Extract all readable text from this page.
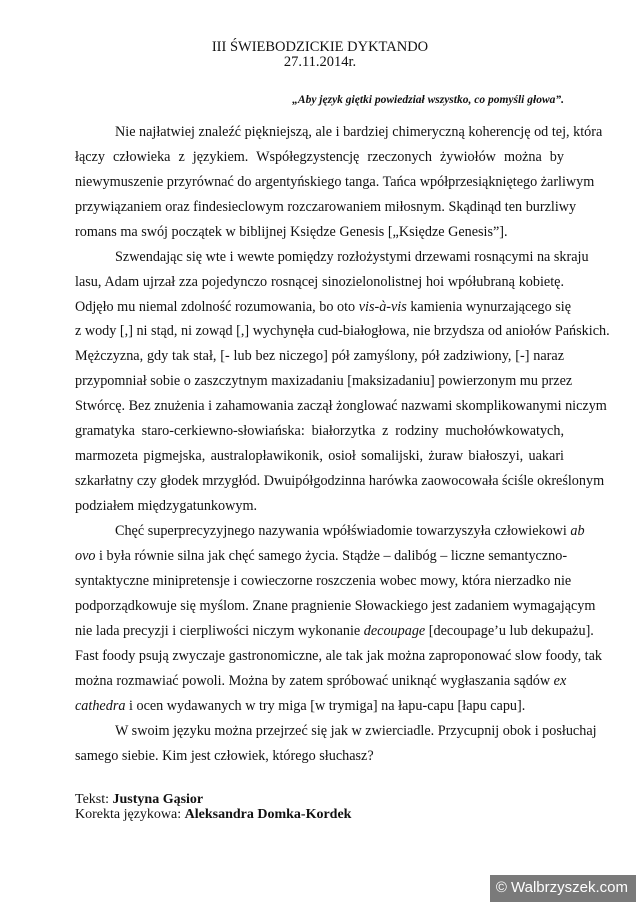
III ŚWIEBODZICKIE DYKTANDO
27.11.2014r.
„Aby język giętki powiedział wszystko, co pomyśli głowa”.
Nie najłatwiej znaleźć piękniejszą, ale i bardziej chimeryczną koherencję od tej, która
łączy człowieka z językiem. Współegzystencję rzeczonych żywiołów można by
niewymuszenie przyrównać do argentyńskiego tanga. Tańca wpółprzesiąkniętego żarliwym
przywiązaniem oraz findesieclowym rozczarowaniem miłosnym. Skądinąd ten burzliwy
romans ma swój początek w biblijnej Księdze Genesis [„Księdze Genesis”].
Szwendając się wte i wewte pomiędzy rozłożystymi drzewami rosnącymi na skraju
lasu, Adam ujrzał zza pojedynczo rosnącej sinozielonolistnej hoi wpółubraną kobietę.
Odjęło mu niemal zdolność rozumowania, bo oto vis-à-vis kamienia wynurzającego się
z wody [,] ni stąd, ni zowąd [,] wychynęła cud-białogłowa, nie brzydsza od aniołów Pańskich.
Mężczyzna, gdy tak stał, [- lub bez niczego] pół zamyślony, pół zadziwiony, [-] naraz
przypomniał sobie o zaszczytnym maxizadaniu [maksizadaniu] powierzonym mu przez
Stwórcę. Bez znużenia i zahamowania zaczął żonglować nazwami skomplikowanymi niczym
gramatyka staro-cerkiewno-słowiańska: białorzytka z rodziny muchołówkowatych,
marmozeta pigmejska, australopławikonik, osioł somalijski, żuraw białoszyi, uakari
szkarłatny czy głodek mrzygłód. Dwuipółgodzinna harówka zaowocowała ściśle określonym
podziałem międzygatunkowym.
Chęć superprecyzyjnego nazywania wpółświadomie towarzyszyła człowiekowi ab
ovo i była równie silna jak chęć samego życia. Stądże – dalibóg – liczne semantyczno-
syntaktyczne minipretensje i cowieczorne roszczenia wobec mowy, która nierzadko nie
podporządkowuje się myślom. Znane pragnienie Słowackiego jest zadaniem wymagającym
nie lada precyzji i cierpliwości niczym wykonanie decoupage [decoupage’u lub dekupażu].
Fast foody psują zwyczaje gastronomiczne, ale tak jak można zaproponować slow foody, tak
można rozmawiać powoli. Można by zatem spróbować uniknąć wygłaszania sądów ex
cathedra i ocen wydawanych w try miga [w trymiga] na łapu-capu [łapu capu].
W swoim języku można przejrzeć się jak w zwierciadle. Przycupnij obok i posłuchaj
samego siebie. Kim jest człowiek, którego słuchasz?
Tekst: Justyna Gąsior
Korekta językowa: Aleksandra Domka-Kordek
© Walbrzyszek.com
